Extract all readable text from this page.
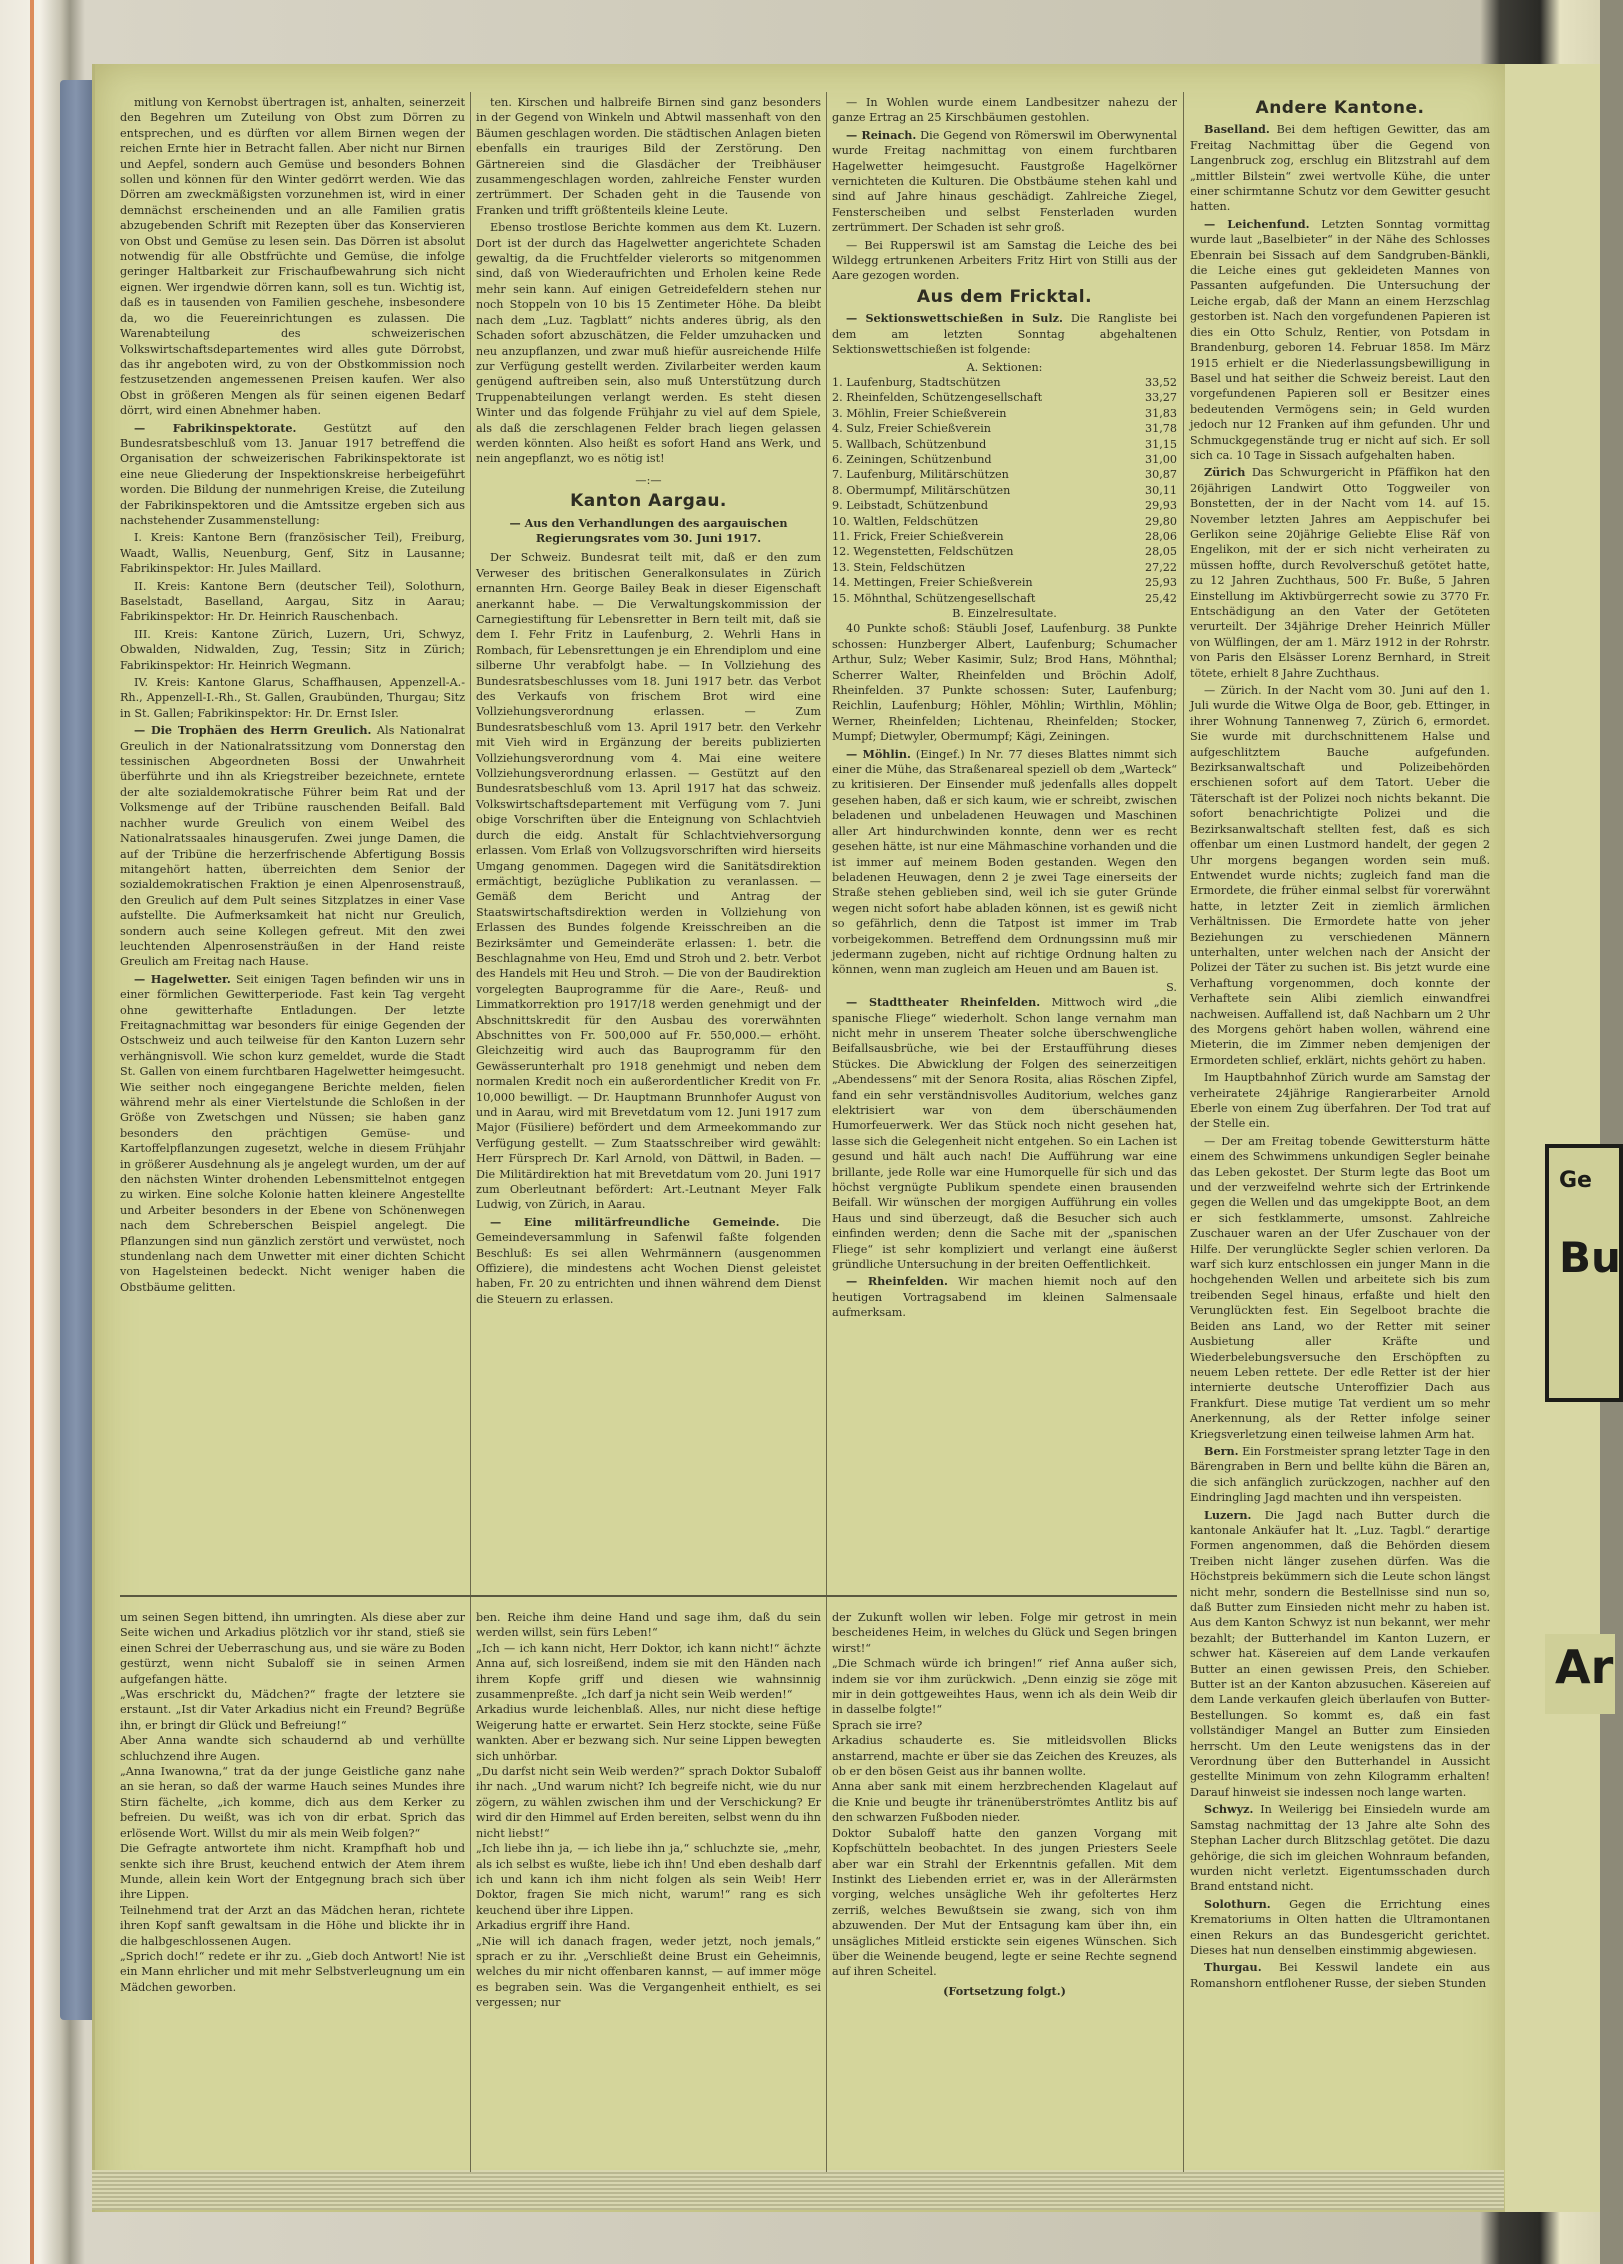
mitlung von Kernobst übertragen ist, anhalten, seinerzeit den Begehren um Zuteilung von Obst zum Dörren zu entsprechen, und es dürften vor allem Birnen wegen der reichen Ernte hier in Betracht fallen. Aber nicht nur Birnen und Aepfel, sondern auch Gemüse und besonders Bohnen sollen und können für den Winter gedörrt werden. Wie das Dörren am zweckmäßigsten vorzunehmen ist, wird in einer demnächst erscheinenden und an alle Familien gratis abzugebenden Schrift mit Rezepten über das Konservieren von Obst und Gemüse zu lesen sein. Das Dörren ist absolut notwendig für alle Obstfrüchte und Gemüse, die infolge geringer Haltbarkeit zur Frischaufbewahrung sich nicht eignen. Wer irgendwie dörren kann, soll es tun. Wichtig ist, daß es in tausenden von Familien geschehe, insbesondere da, wo die Feuereinrichtungen es zulassen. Die Warenabteilung des schweizerischen Volkswirtschaftsdepartementes wird alles gute Dörrobst, das ihr angeboten wird, zu von der Obstkommission noch festzusetzenden angemessenen Preisen kaufen. Wer also Obst in größeren Mengen als für seinen eigenen Bedarf dörrt, wird einen Abnehmer haben.

— Fabrikinspektorate. Gestützt auf den Bundesratsbeschluß vom 13. Januar 1917 betreffend die Organisation der schweizerischen Fabrikinspektorate ist eine neue Gliederung der Inspektionskreise herbeigeführt worden. Die Bildung der nunmehrigen Kreise, die Zuteilung der Fabrikinspektoren und die Amtssitze ergeben sich aus nachstehender Zusammenstellung:

I. Kreis: Kantone Bern (französischer Teil), Freiburg, Waadt, Wallis, Neuenburg, Genf, Sitz in Lausanne; Fabrikinspektor: Hr. Jules Maillard.

II. Kreis: Kantone Bern (deutscher Teil), Solothurn, Baselstadt, Baselland, Aargau, Sitz in Aarau; Fabrikinspektor: Hr. Dr. Heinrich Rauschenbach.

III. Kreis: Kantone Zürich, Luzern, Uri, Schwyz, Obwalden, Nidwalden, Zug, Tessin; Sitz in Zürich; Fabrikinspektor: Hr. Heinrich Wegmann.

IV. Kreis: Kantone Glarus, Schaffhausen, Appenzell-A.-Rh., Appenzell-I.-Rh., St. Gallen, Graubünden, Thurgau; Sitz in St. Gallen; Fabrikinspektor: Hr. Dr. Ernst Isler.

— Die Trophäen des Herrn Greulich. Als Nationalrat Greulich in der Nationalratssitzung vom Donnerstag den tessinischen Abgeordneten Bossi der Unwahrheit überführte und ihn als Kriegstreiber bezeichnete, erntete der alte sozialdemokratische Führer beim Rat und der Volksmenge auf der Tribüne rauschenden Beifall. Bald nachher wurde Greulich von einem Weibel des Nationalratssaales hinausgerufen. Zwei junge Damen, die auf der Tribüne die herzerfrischende Abfertigung Bossis mitangehört hatten, überreichten dem Senior der sozialdemokratischen Fraktion je einen Alpenrosenstrauß, den Greulich auf dem Pult seines Sitzplatzes in einer Vase aufstellte. Die Aufmerksamkeit hat nicht nur Greulich, sondern auch seine Kollegen gefreut. Mit den zwei leuchtenden Alpenrosensträußen in der Hand reiste Greulich am Freitag nach Hause.

— Hagelwetter. Seit einigen Tagen befinden wir uns in einer förmlichen Gewitterperiode. Fast kein Tag vergeht ohne gewitterhafte Entladungen. Der letzte Freitagnachmittag war besonders für einige Gegenden der Ostschweiz und auch teilweise für den Kanton Luzern sehr verhängnisvoll. Wie schon kurz gemeldet, wurde die Stadt St. Gallen von einem furchtbaren Hagelwetter heimgesucht. Wie seither noch eingegangene Berichte melden, fielen während mehr als einer Viertelstunde die Schloßen in der Größe von Zwetschgen und Nüssen; sie haben ganz besonders den prächtigen Gemüse- und Kartoffelpflanzungen zugesetzt, welche in diesem Frühjahr in größerer Ausdehnung als je angelegt wurden, um der auf den nächsten Winter drohenden Lebensmittelnot entgegen zu wirken. Eine solche Kolonie hatten kleinere Angestellte und Arbeiter besonders in der Ebene von Schönenwegen nach dem Schreberschen Beispiel angelegt. Die Pflanzungen sind nun gänzlich zerstört und verwüstet, noch stundenlang nach dem Unwetter mit einer dichten Schicht von Hagelsteinen bedeckt. Nicht weniger haben die Obstbäume gelitten.

ten. Kirschen und halbreife Birnen sind ganz besonders in der Gegend von Winkeln und Abtwil massenhaft von den Bäumen geschlagen worden. Die städtischen Anlagen bieten ebenfalls ein trauriges Bild der Zerstörung. Den Gärtnereien sind die Glasdächer der Treibhäuser zusammengeschlagen worden, zahlreiche Fenster wurden zertrümmert. Der Schaden geht in die Tausende von Franken und trifft größtenteils kleine Leute.

Ebenso trostlose Berichte kommen aus dem Kt. Luzern. Dort ist der durch das Hagelwetter angerichtete Schaden gewaltig, da die Fruchtfelder vielerorts so mitgenommen sind, daß von Wiederaufrichten und Erholen keine Rede mehr sein kann. Auf einigen Getreidefeldern stehen nur noch Stoppeln von 10 bis 15 Zentimeter Höhe. Da bleibt nach dem „Luz. Tagblatt“ nichts anderes übrig, als den Schaden sofort abzuschätzen, die Felder umzuhacken und neu anzupflanzen, und zwar muß hiefür ausreichende Hilfe zur Verfügung gestellt werden. Zivilarbeiter werden kaum genügend auftreiben sein, also muß Unterstützung durch Truppenabteilungen verlangt werden. Es steht diesen Winter und das folgende Frühjahr zu viel auf dem Spiele, als daß die zerschlagenen Felder brach liegen gelassen werden könnten. Also heißt es sofort Hand ans Werk, und nein angepflanzt, wo es nötig ist!

—:—
Kanton Aargau.
— Aus den Verhandlungen des aargauischen Regierungsrates vom 30. Juni 1917.

Der Schweiz. Bundesrat teilt mit, daß er den zum Verweser des britischen Generalkonsulates in Zürich ernannten Hrn. George Bailey Beak in dieser Eigenschaft anerkannt habe. — Die Verwaltungskommission der Carnegiestiftung für Lebensretter in Bern teilt mit, daß sie dem I. Fehr Fritz in Laufenburg, 2. Wehrli Hans in Rombach, für Lebensrettungen je ein Ehrendiplom und eine silberne Uhr verabfolgt habe. — In Vollziehung des Bundesratsbeschlusses vom 18. Juni 1917 betr. das Verbot des Verkaufs von frischem Brot wird eine Vollziehungsverordnung erlassen. — Zum Bundesratsbeschluß vom 13. April 1917 betr. den Verkehr mit Vieh wird in Ergänzung der bereits publizierten Vollziehungsverordnung vom 4. Mai eine weitere Vollziehungsverordnung erlassen. — Gestützt auf den Bundesratsbeschluß vom 13. April 1917 hat das schweiz. Volkswirtschaftsdepartement mit Verfügung vom 7. Juni obige Vorschriften über die Enteignung von Schlachtvieh durch die eidg. Anstalt für Schlachtviehversorgung erlassen. Vom Erlaß von Vollzugsvorschriften wird hierseits Umgang genommen. Dagegen wird die Sanitätsdirektion ermächtigt, bezügliche Publikation zu veranlassen. — Gemäß dem Bericht und Antrag der Staatswirtschaftsdirektion werden in Vollziehung von Erlassen des Bundes folgende Kreisschreiben an die Bezirksämter und Gemeinderäte erlassen: 1. betr. die Beschlagnahme von Heu, Emd und Stroh und 2. betr. Verbot des Handels mit Heu und Stroh. — Die von der Baudirektion vorgelegten Bauprogramme für die Aare-, Reuß- und Limmatkorrektion pro 1917/18 werden genehmigt und der Abschnittskredit für den Ausbau des vorerwähnten Abschnittes von Fr. 500,000 auf Fr. 550,000.— erhöht. Gleichzeitig wird auch das Bauprogramm für den Gewässerunterhalt pro 1918 genehmigt und neben dem normalen Kredit noch ein außerordentlicher Kredit von Fr. 10,000 bewilligt. — Dr. Hauptmann Brunnhofer August von und in Aarau, wird mit Brevetdatum vom 12. Juni 1917 zum Major (Füsiliere) befördert und dem Armeekommando zur Verfügung gestellt. — Zum Staatsschreiber wird gewählt: Herr Fürsprech Dr. Karl Arnold, von Dättwil, in Baden. — Die Militärdirektion hat mit Brevetdatum vom 20. Juni 1917 zum Oberleutnant befördert: Art.-Leutnant Meyer Falk Ludwig, von Zürich, in Aarau.

— Eine militärfreundliche Gemeinde. Die Gemeindeversammlung in Safenwil faßte folgenden Beschluß: Es sei allen Wehrmännern (ausgenommen Offiziere), die mindestens acht Wochen Dienst geleistet haben, Fr. 20 zu entrichten und ihnen während dem Dienst die Steuern zu erlassen.

— In Wohlen wurde einem Landbesitzer nahezu der ganze Ertrag an 25 Kirschbäumen gestohlen.

— Reinach. Die Gegend von Römerswil im Oberwynental wurde Freitag nachmittag von einem furchtbaren Hagelwetter heimgesucht. Faustgroße Hagelkörner vernichteten die Kulturen. Die Obstbäume stehen kahl und sind auf Jahre hinaus geschädigt. Zahlreiche Ziegel, Fensterscheiben und selbst Fensterladen wurden zertrümmert. Der Schaden ist sehr groß.

— Bei Rupperswil ist am Samstag die Leiche des bei Wildegg ertrunkenen Arbeiters Fritz Hirt von Stilli aus der Aare gezogen worden.

Aus dem Fricktal.

— Sektionswettschießen in Sulz. Die Rangliste bei dem am letzten Sonntag abgehaltenen Sektionswettschießen ist folgende:

A. Sektionen:
1. Laufenburg, Stadtschützen	33,52
2. Rheinfelden, Schützengesellschaft	33,27
3. Möhlin, Freier Schießverein	31,83
4. Sulz, Freier Schießverein	31,78
5. Wallbach, Schützenbund	31,15
6. Zeiningen, Schützenbund	31,00
7. Laufenburg, Militärschützen	30,87
8. Obermumpf, Militärschützen	30,11
9. Leibstadt, Schützenbund	29,93
10. Waltlen, Feldschützen	29,80
11. Frick, Freier Schießverein	28,06
12. Wegenstetten, Feldschützen	28,05
13. Stein, Feldschützen	27,22
14. Mettingen, Freier Schießverein	25,93
15. Möhnthal, Schützengesellschaft	25,42
B. Einzelresultate.

40 Punkte schoß: Stäubli Josef, Laufenburg. 38 Punkte schossen: Hunzberger Albert, Laufenburg; Schumacher Arthur, Sulz; Weber Kasimir, Sulz; Brod Hans, Möhnthal; Scherrer Walter, Rheinfelden und Bröchin Adolf, Rheinfelden. 37 Punkte schossen: Suter, Laufenburg; Reichlin, Laufenburg; Höhler, Möhlin; Wirthlin, Möhlin; Werner, Rheinfelden; Lichtenau, Rheinfelden; Stocker, Mumpf; Dietwyler, Obermumpf; Kägi, Zeiningen.

— Möhlin. (Eingef.) In Nr. 77 dieses Blattes nimmt sich einer die Mühe, das Straßenareal speziell ob dem „Warteck“ zu kritisieren. Der Einsender muß jedenfalls alles doppelt gesehen haben, daß er sich kaum, wie er schreibt, zwischen beladenen und unbeladenen Heuwagen und Maschinen aller Art hindurchwinden konnte, denn wer es recht gesehen hätte, ist nur eine Mähmaschine vorhanden und die ist immer auf meinem Boden gestanden. Wegen den beladenen Heuwagen, denn 2 je zwei Tage einerseits der Straße stehen geblieben sind, weil ich sie guter Gründe wegen nicht sofort habe abladen können, ist es gewiß nicht so gefährlich, denn die Tatpost ist immer im Trab vorbeigekommen. Betreffend dem Ordnungssinn muß mir jedermann zugeben, nicht auf richtige Ordnung halten zu können, wenn man zugleich am Heuen und am Bauen ist.

S.

— Stadttheater Rheinfelden. Mittwoch wird „die spanische Fliege“ wiederholt. Schon lange vernahm man nicht mehr in unserem Theater solche überschwengliche Beifallsausbrüche, wie bei der Erstaufführung dieses Stückes. Die Abwicklung der Folgen des seinerzeitigen „Abendessens“ mit der Senora Rosita, alias Röschen Zipfel, fand ein sehr verständnisvolles Auditorium, welches ganz elektrisiert war von dem überschäumenden Humorfeuerwerk. Wer das Stück noch nicht gesehen hat, lasse sich die Gelegenheit nicht entgehen. So ein Lachen ist gesund und hält auch nach! Die Aufführung war eine brillante, jede Rolle war eine Humorquelle für sich und das höchst vergnügte Publikum spendete einen brausenden Beifall. Wir wünschen der morgigen Aufführung ein volles Haus und sind überzeugt, daß die Besucher sich auch einfinden werden; denn die Sache mit der „spanischen Fliege“ ist sehr kompliziert und verlangt eine äußerst gründliche Untersuchung in der breiten Oeffentlichkeit.

— Rheinfelden. Wir machen hiemit noch auf den heutigen Vortragsabend im kleinen Salmensaale aufmerksam.

Andere Kantone.

Baselland. Bei dem heftigen Gewitter, das am Freitag Nachmittag über die Gegend von Langenbruck zog, erschlug ein Blitzstrahl auf dem „mittler Bilstein“ zwei wertvolle Kühe, die unter einer schirmtanne Schutz vor dem Gewitter gesucht hatten.

— Leichenfund. Letzten Sonntag vormittag wurde laut „Baselbieter“ in der Nähe des Schlosses Ebenrain bei Sissach auf dem Sandgruben-Bänkli, die Leiche eines gut gekleideten Mannes von Passanten aufgefunden. Die Untersuchung der Leiche ergab, daß der Mann an einem Herzschlag gestorben ist. Nach den vorgefundenen Papieren ist dies ein Otto Schulz, Rentier, von Potsdam in Brandenburg, geboren 14. Februar 1858. Im März 1915 erhielt er die Niederlassungsbewilligung in Basel und hat seither die Schweiz bereist. Laut den vorgefundenen Papieren soll er Besitzer eines bedeutenden Vermögens sein; in Geld wurden jedoch nur 12 Franken auf ihm gefunden. Uhr und Schmuckgegenstände trug er nicht auf sich. Er soll sich ca. 10 Tage in Sissach aufgehalten haben.

Zürich Das Schwurgericht in Pfäffikon hat den 26jährigen Landwirt Otto Toggweiler von Bonstetten, der in der Nacht vom 14. auf 15. November letzten Jahres am Aeppischufer bei Gerlikon seine 20jährige Geliebte Elise Räf von Engelikon, mit der er sich nicht verheiraten zu müssen hoffte, durch Revolverschuß getötet hatte, zu 12 Jahren Zuchthaus, 500 Fr. Buße, 5 Jahren Einstellung im Aktivbürgerrecht sowie zu 3770 Fr. Entschädigung an den Vater der Getöteten verurteilt. Der 34jährige Dreher Heinrich Müller von Wülflingen, der am 1. März 1912 in der Rohrstr. von Paris den Elsässer Lorenz Bernhard, in Streit tötete, erhielt 8 Jahre Zuchthaus.

— Zürich. In der Nacht vom 30. Juni auf den 1. Juli wurde die Witwe Olga de Boor, geb. Ettinger, in ihrer Wohnung Tannenweg 7, Zürich 6, ermordet. Sie wurde mit durchschnittenem Halse und aufgeschlitztem Bauche aufgefunden. Bezirksanwaltschaft und Polizeibehörden erschienen sofort auf dem Tatort. Ueber die Täterschaft ist der Polizei noch nichts bekannt. Die sofort benachrichtigte Polizei und die Bezirksanwaltschaft stellten fest, daß es sich offenbar um einen Lustmord handelt, der gegen 2 Uhr morgens begangen worden sein muß. Entwendet wurde nichts; zugleich fand man die Ermordete, die früher einmal selbst für vorerwähnt hatte, in letzter Zeit in ziemlich ärmlichen Verhältnissen. Die Ermordete hatte von jeher Beziehungen zu verschiedenen Männern unterhalten, unter welchen nach der Ansicht der Polizei der Täter zu suchen ist. Bis jetzt wurde eine Verhaftung vorgenommen, doch konnte der Verhaftete sein Alibi ziemlich einwandfrei nachweisen. Auffallend ist, daß Nachbarn um 2 Uhr des Morgens gehört haben wollen, während eine Mieterin, die im Zimmer neben demjenigen der Ermordeten schlief, erklärt, nichts gehört zu haben.

Im Hauptbahnhof Zürich wurde am Samstag der verheiratete 24jährige Rangierarbeiter Arnold Eberle von einem Zug überfahren. Der Tod trat auf der Stelle ein.

— Der am Freitag tobende Gewittersturm hätte einem des Schwimmens unkundigen Segler beinahe das Leben gekostet. Der Sturm legte das Boot um und der verzweifelnd wehrte sich der Ertrinkende gegen die Wellen und das umgekippte Boot, an dem er sich festklammerte, umsonst. Zahlreiche Zuschauer waren an der Ufer Zuschauer von der Hilfe. Der verunglückte Segler schien verloren. Da warf sich kurz entschlossen ein junger Mann in die hochgehenden Wellen und arbeitete sich bis zum treibenden Segel hinaus, erfaßte und hielt den Verunglückten fest. Ein Segelboot brachte die Beiden ans Land, wo der Retter mit seiner Ausbietung aller Kräfte und Wiederbelebungsversuche den Erschöpften zu neuem Leben rettete. Der edle Retter ist der hier internierte deutsche Unteroffizier Dach aus Frankfurt. Diese mutige Tat verdient um so mehr Anerkennung, als der Retter infolge seiner Kriegsverletzung einen teilweise lahmen Arm hat.

Bern. Ein Forstmeister sprang letzter Tage in den Bärengraben in Bern und bellte kühn die Bären an, die sich anfänglich zurückzogen, nachher auf den Eindringling Jagd machten und ihn verspeisten.

Luzern. Die Jagd nach Butter durch die kantonale Ankäufer hat lt. „Luz. Tagbl.“ derartige Formen angenommen, daß die Behörden diesem Treiben nicht länger zusehen dürfen. Was die Höchstpreis bekümmern sich die Leute schon längst nicht mehr, sondern die Bestellnisse sind nun so, daß Butter zum Einsieden nicht mehr zu haben ist. Aus dem Kanton Schwyz ist nun bekannt, wer mehr bezahlt; der Butterhandel im Kanton Luzern, er schwer hat. Käsereien auf dem Lande verkaufen Butter an einen gewissen Preis, den Schieber. Butter ist an der Kanton abzusuchen. Käsereien auf dem Lande verkaufen gleich überlaufen von Butter-Bestellungen. So kommt es, daß ein fast vollständiger Mangel an Butter zum Einsieden herrscht. Um den Leute wenigstens das in der Verordnung über den Butterhandel in Aussicht gestellte Minimum von zehn Kilogramm erhalten! Darauf hinweist sie indessen noch lange warten.

Schwyz. In Weilerigg bei Einsiedeln wurde am Samstag nachmittag der 13 Jahre alte Sohn des Stephan Lacher durch Blitzschlag getötet. Die dazu gehörige, die sich im gleichen Wohnraum befanden, wurden nicht verletzt. Eigentumsschaden durch Brand entstand nicht.

Solothurn. Gegen die Errichtung eines Krematoriums in Olten hatten die Ultramontanen einen Rekurs an das Bundesgericht gerichtet. Dieses hat nun denselben einstimmig abgewiesen.

Thurgau. Bei Kesswil landete ein aus Romanshorn entflohener Russe, der sieben Stunden

um seinen Segen bittend, ihn umringten. Als diese aber zur Seite wichen und Arkadius plötzlich vor ihr stand, stieß sie einen Schrei der Ueberraschung aus, und sie wäre zu Boden gestürzt, wenn nicht Subaloff sie in seinen Armen aufgefangen hätte.
„Was erschrickt du, Mädchen?“ fragte der letztere sie erstaunt. „Ist dir Vater Arkadius nicht ein Freund? Begrüße ihn, er bringt dir Glück und Befreiung!“
Aber Anna wandte sich schaudernd ab und verhüllte schluchzend ihre Augen.
„Anna Iwanowna,“ trat da der junge Geistliche ganz nahe an sie heran, so daß der warme Hauch seines Mundes ihre Stirn fächelte, „ich komme, dich aus dem Kerker zu befreien. Du weißt, was ich von dir erbat. Sprich das erlösende Wort. Willst du mir als mein Weib folgen?“
Die Gefragte antwortete ihm nicht. Krampfhaft hob und senkte sich ihre Brust, keuchend entwich der Atem ihrem Munde, allein kein Wort der Entgegnung brach sich über ihre Lippen.
Teilnehmend trat der Arzt an das Mädchen heran, richtete ihren Kopf sanft gewaltsam in die Höhe und blickte ihr in die halbgeschlossenen Augen.
„Sprich doch!“ redete er ihr zu. „Gieb doch Antwort! Nie ist ein Mann ehrlicher und mit mehr Selbstverleugnung um ein Mädchen geworben.
ben. Reiche ihm deine Hand und sage ihm, daß du sein werden willst, sein fürs Leben!“
„Ich — ich kann nicht, Herr Doktor, ich kann nicht!“ ächzte Anna auf, sich losreißend, indem sie mit den Händen nach ihrem Kopfe griff und diesen wie wahnsinnig zusammenpreßte. „Ich darf ja nicht sein Weib werden!“
Arkadius wurde leichenblaß. Alles, nur nicht diese heftige Weigerung hatte er erwartet. Sein Herz stockte, seine Füße wankten. Aber er bezwang sich. Nur seine Lippen bewegten sich unhörbar.
„Du darfst nicht sein Weib werden?“ sprach Doktor Subaloff ihr nach. „Und warum nicht? Ich begreife nicht, wie du nur zögern, zu wählen zwischen ihm und der Verschickung? Er wird dir den Himmel auf Erden bereiten, selbst wenn du ihn nicht liebst!“
„Ich liebe ihn ja, — ich liebe ihn ja,“ schluchzte sie, „mehr, als ich selbst es wußte, liebe ich ihn! Und eben deshalb darf ich und kann ich ihm nicht folgen als sein Weib! Herr Doktor, fragen Sie mich nicht, warum!“ rang es sich keuchend über ihre Lippen.
Arkadius ergriff ihre Hand.
„Nie will ich danach fragen, weder jetzt, noch jemals,“ sprach er zu ihr. „Verschließt deine Brust ein Geheimnis, welches du mir nicht offenbaren kannst, — auf immer möge es begraben sein. Was die Vergangenheit enthielt, es sei vergessen; nur
der Zukunft wollen wir leben. Folge mir getrost in mein bescheidenes Heim, in welches du Glück und Segen bringen wirst!“
„Die Schmach würde ich bringen!“ rief Anna außer sich, indem sie vor ihm zurückwich. „Denn einzig sie zöge mit mir in dein gottgeweihtes Haus, wenn ich als dein Weib dir in dasselbe folgte!“
Sprach sie irre?
Arkadius schauderte es. Sie mitleidsvollen Blicks anstarrend, machte er über sie das Zeichen des Kreuzes, als ob er den bösen Geist aus ihr bannen wollte.
Anna aber sank mit einem herzbrechenden Klagelaut auf die Knie und beugte ihr tränenüberströmtes Antlitz bis auf den schwarzen Fußboden nieder.
Doktor Subaloff hatte den ganzen Vorgang mit Kopfschütteln beobachtet. In des jungen Priesters Seele aber war ein Strahl der Erkenntnis gefallen. Mit dem Instinkt des Liebenden erriet er, was in der Allerärmsten vorging, welches unsägliche Weh ihr gefoltertes Herz zerriß, welches Bewußtsein sie zwang, sich von ihm abzuwenden. Der Mut der Entsagung kam über ihn, ein unsägliches Mitleid erstickte sein eigenes Wünschen. Sich über die Weinende beugend, legte er seine Rechte segnend auf ihren Scheitel.
(Fortsetzung folgt.)
Ge
Bu
Ar
